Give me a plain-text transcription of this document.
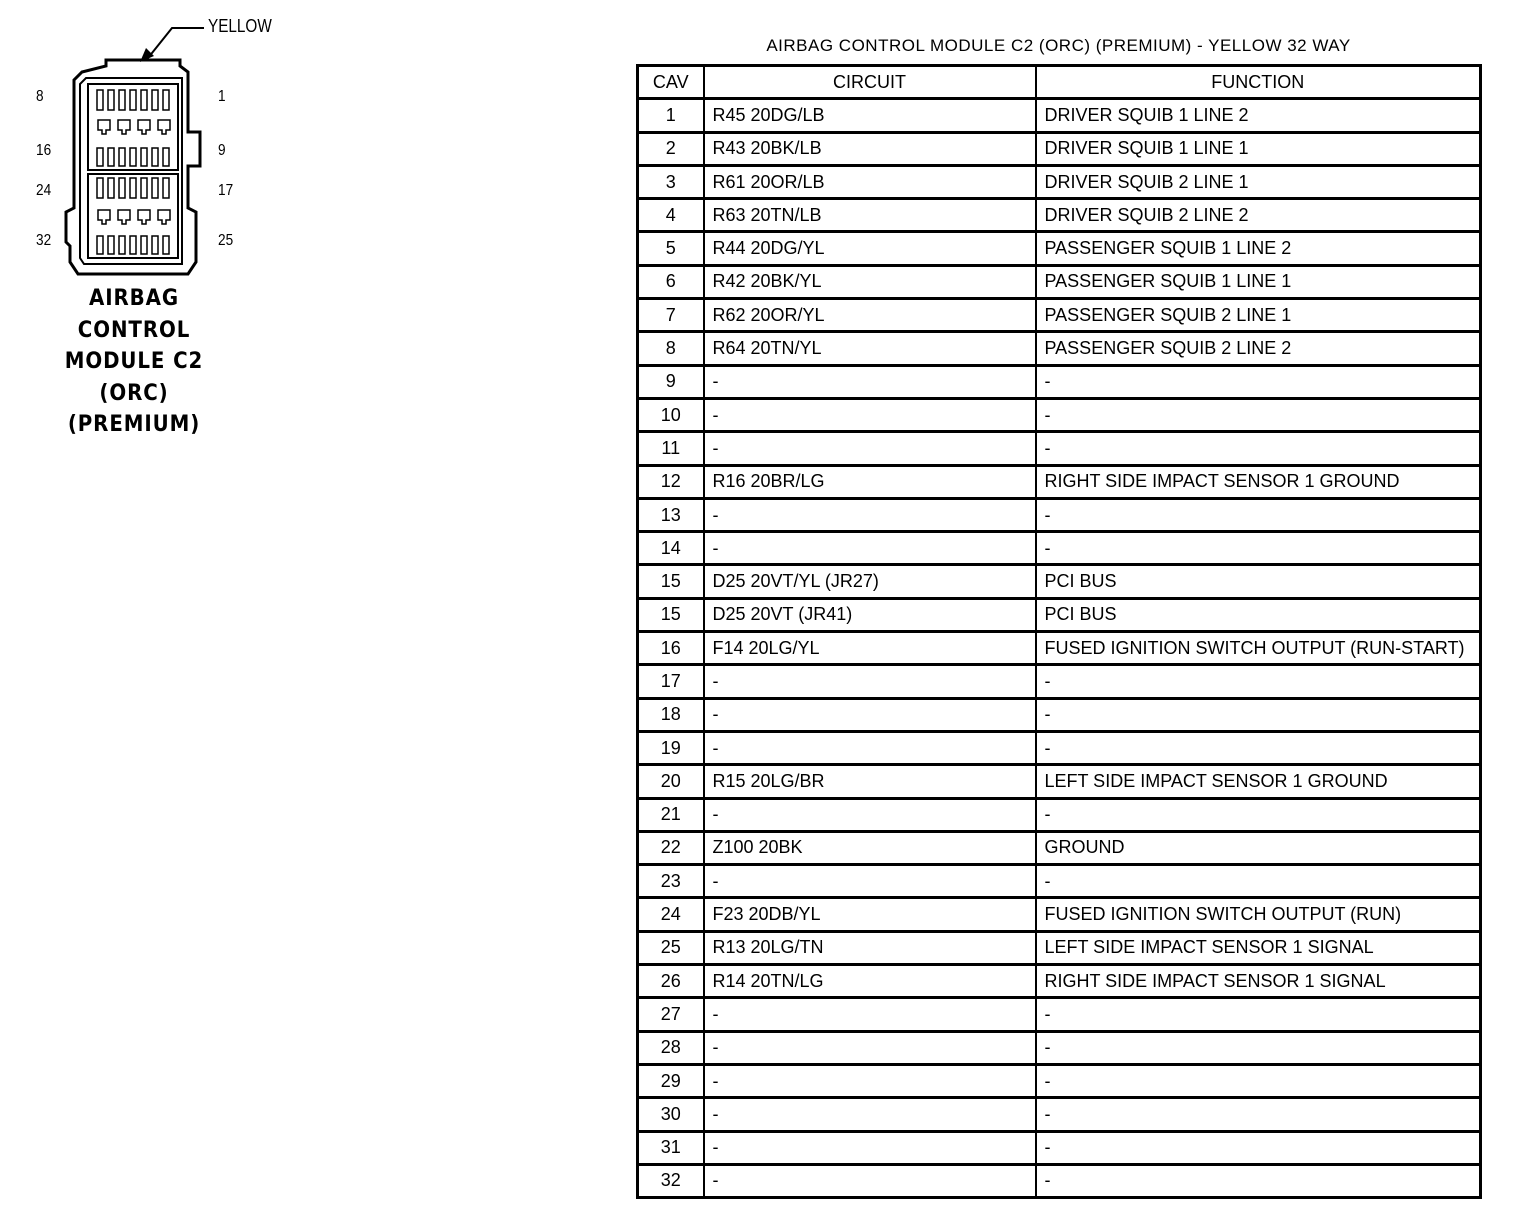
YELLOW
8	1
16	9
24	17
32	25
AIRBAG
CONTROL
MODULE C2
(ORC)
(PREMIUM)
AIRBAG CONTROL MODULE C2 (ORC) (PREMIUM) - YELLOW 32 WAY
CAV	CIRCUIT	FUNCTION
1	R45 20DG/LB	DRIVER SQUIB 1 LINE 2
2	R43 20BK/LB	DRIVER SQUIB 1 LINE 1
3	R61 20OR/LB	DRIVER SQUIB 2 LINE 1
4	R63 20TN/LB	DRIVER SQUIB 2 LINE 2
5	R44 20DG/YL	PASSENGER SQUIB 1 LINE 2
6	R42 20BK/YL	PASSENGER SQUIB 1 LINE 1
7	R62 20OR/YL	PASSENGER SQUIB 2 LINE 1
8	R64 20TN/YL	PASSENGER SQUIB 2 LINE 2
9	-	-
10	-	-
11	-	-
12	R16 20BR/LG	RIGHT SIDE IMPACT SENSOR 1 GROUND
13	-	-
14	-	-
15	D25 20VT/YL (JR27)	PCI BUS
15	D25 20VT (JR41)	PCI BUS
16	F14 20LG/YL	FUSED IGNITION SWITCH OUTPUT (RUN-START)
17	-	-
18	-	-
19	-	-
20	R15 20LG/BR	LEFT SIDE IMPACT SENSOR 1 GROUND
21	-	-
22	Z100 20BK	GROUND
23	-	-
24	F23 20DB/YL	FUSED IGNITION SWITCH OUTPUT (RUN)
25	R13 20LG/TN	LEFT SIDE IMPACT SENSOR 1 SIGNAL
26	R14 20TN/LG	RIGHT SIDE IMPACT SENSOR 1 SIGNAL
27	-	-
28	-	-
29	-	-
30	-	-
31	-	-
32	-	-
